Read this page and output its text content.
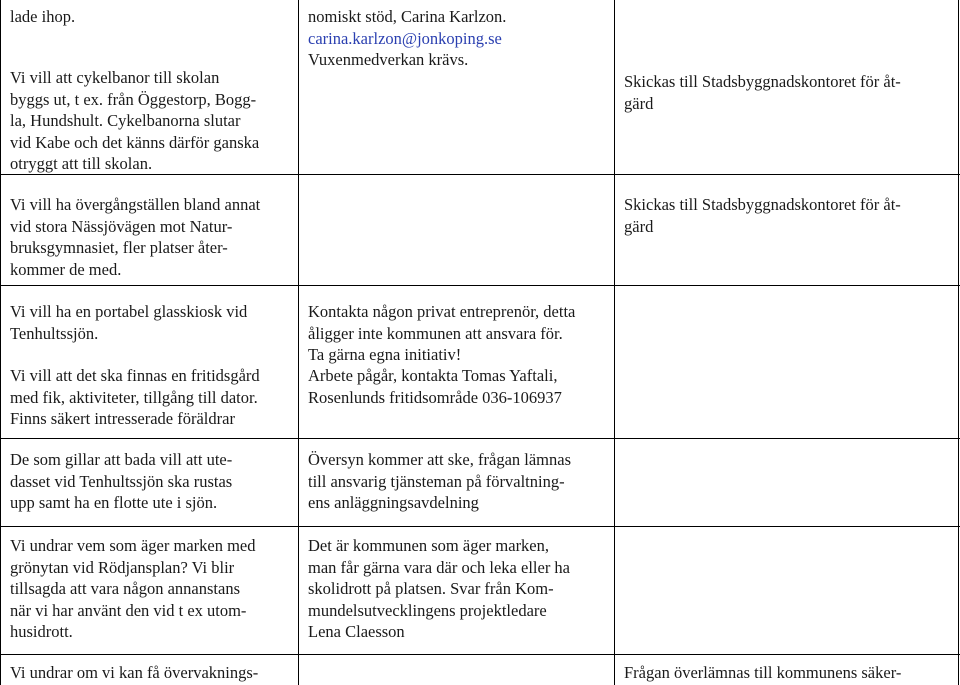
lade ihop.	nomiskt stöd, Carina Karlzon.
carina.karlzon@jonkoping.se
Vuxenmedverkan krävs.
Vi vill att cykelbanor till skolan
byggs ut, t ex. från Öggestorp, Bogg-
la, Hundshult. Cykelbanorna slutar
vid Kabe och det känns därför ganska
otryggt att till skolan.
Skickas till Stadsbyggnadskontoret för åt-
gärd
Vi vill ha övergångställen bland annat
vid stora Nässjövägen mot Natur-
bruksgymnasiet, fler platser åter-
kommer de med.
Skickas till Stadsbyggnadskontoret för åt-
gärd
Vi vill ha en portabel glasskiosk vid
Tenhultssjön.
Vi vill att det ska finnas en fritidsgård
med fik, aktiviteter, tillgång till dator.
Finns säkert intresserade föräldrar
Kontakta någon privat entreprenör, detta
åligger inte kommunen att ansvara för.
Ta gärna egna initiativ!
Arbete pågår, kontakta Tomas Yaftali,
Rosenlunds fritidsområde 036-106937
De som gillar att bada vill att ute-
dasset vid Tenhultssjön ska rustas
upp samt ha en flotte ute i sjön.
Översyn kommer att ske, frågan lämnas
till ansvarig tjänsteman på förvaltning-
ens anläggningsavdelning
Vi undrar vem som äger marken med
grönytan vid Rödjansplan? Vi blir
tillsagda att vara någon annanstans
när vi har använt den vid t ex utom-
husidrott.
Det är kommunen som äger marken,
man får gärna vara där och leka eller ha
skolidrott på platsen. Svar från Kom-
mundelsutvecklingens projektledare
Lena Claesson
Vi undrar om vi kan få övervaknings-	Frågan överlämnas till kommunens säker-
